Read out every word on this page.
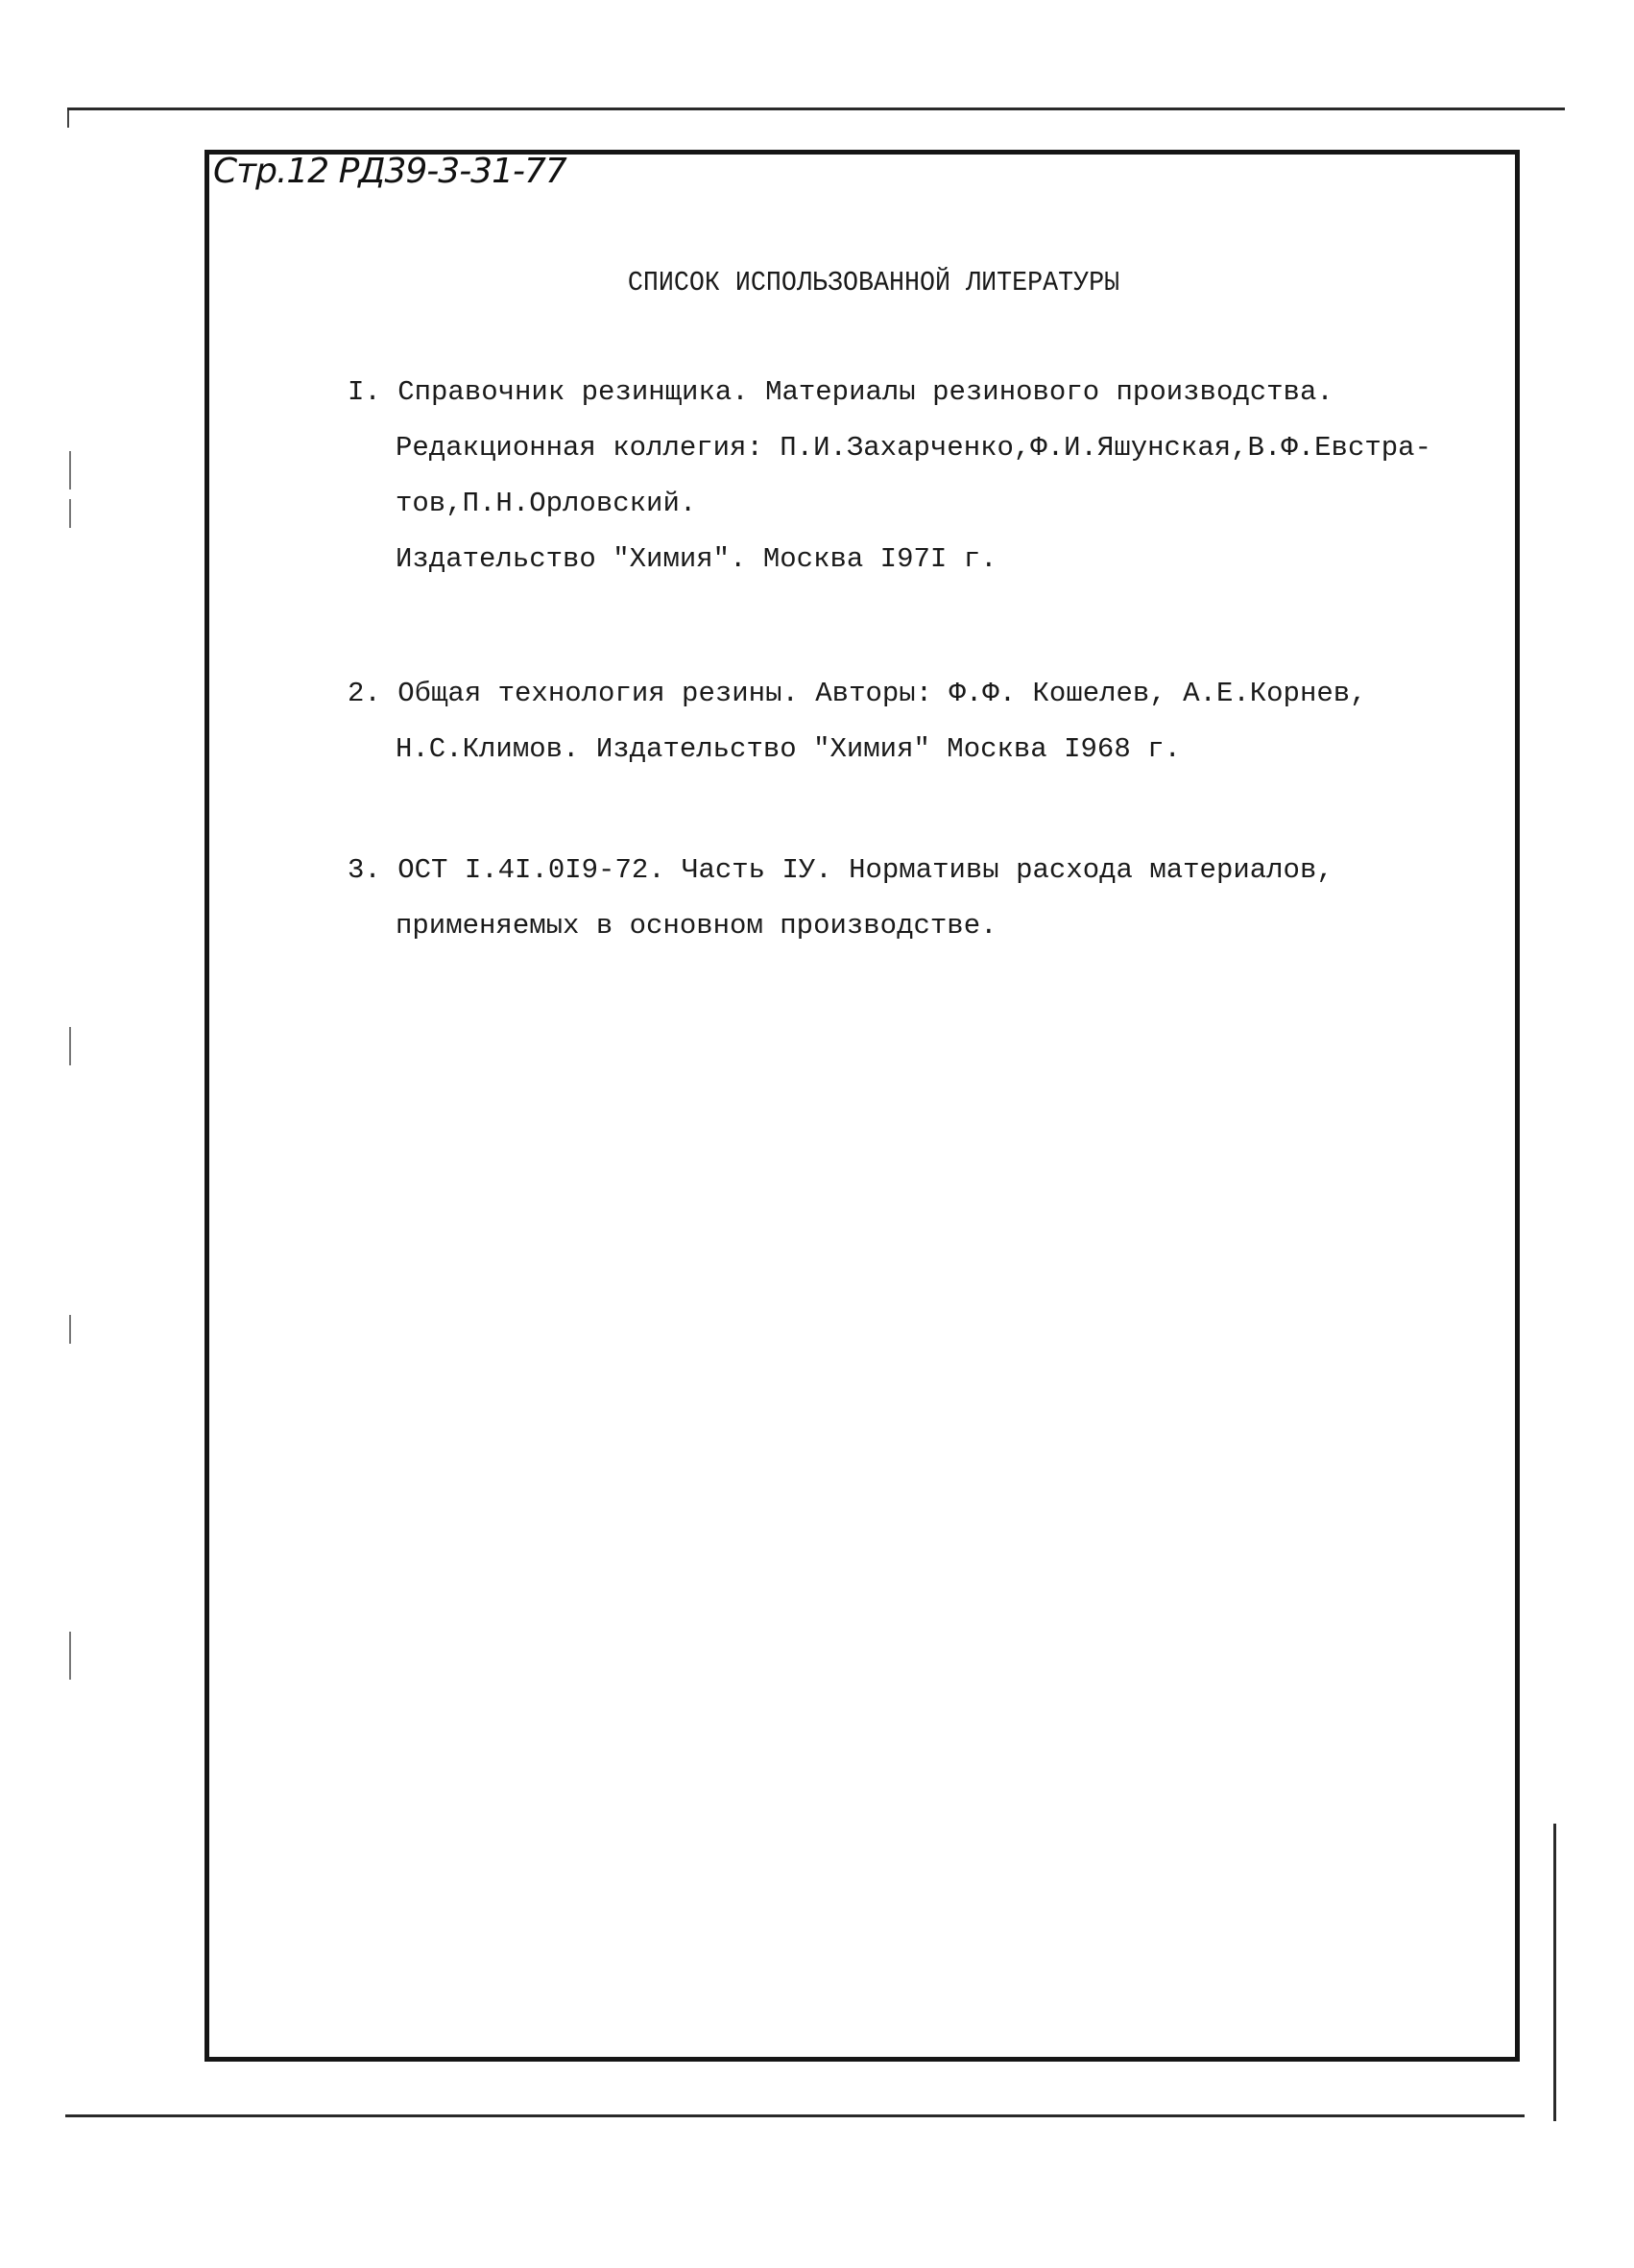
Стр.12 РД39-3-31-77
СПИСОК ИСПОЛЬЗОВАННОЙ ЛИТЕРАТУРЫ
I. Справочник резинщика. Материалы резинового производства.
Редакционная коллегия: П.И.Захарченко,Ф.И.Яшунская,В.Ф.Евстра-
тов,П.Н.Орловский.
Издательство "Химия". Москва I97I г.
2. Общая технология резины. Авторы: Ф.Ф. Кошелев, А.Е.Корнев,
Н.С.Климов. Издательство "Химия" Москва I968 г.
3. ОСТ I.4I.0I9-72. Часть IУ. Нормативы расхода материалов,
применяемых в основном производстве.
